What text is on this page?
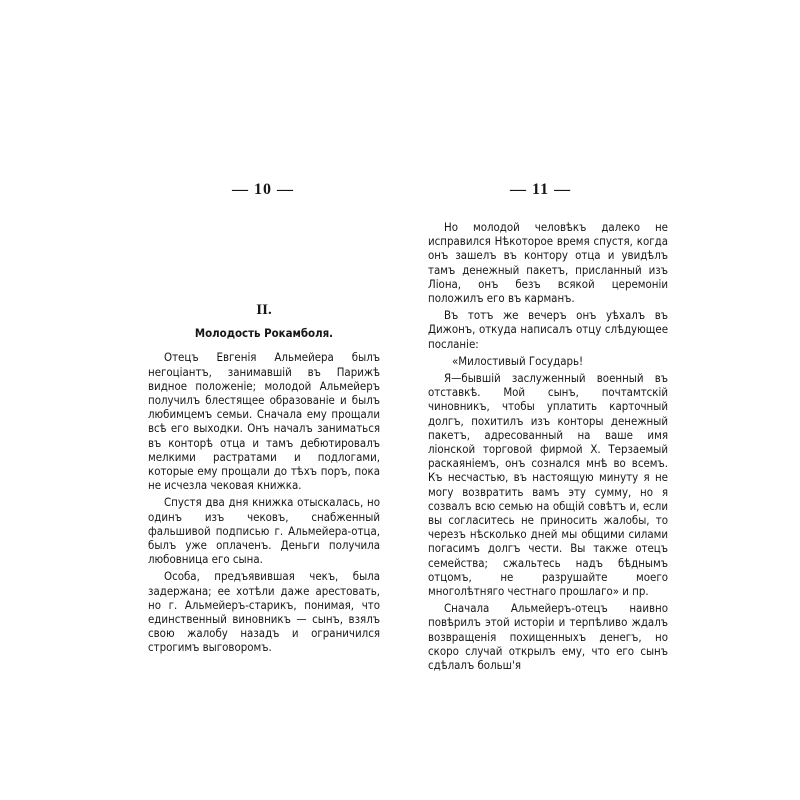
— 10 —	— 11 —
II.
Молодость Рокамболя.

Отецъ Евгенія Альмейера былъ негоціантъ, занимавшій въ Парижѣ видное положеніе; молодой Альмейеръ получилъ блестящее образованіе и былъ любимцемъ семьи. Сначала ему прощали всѣ его выходки. Онъ началъ заниматься въ конторѣ отца и тамъ дебютировалъ мелкими растратами и подлогами, которые ему прощали до тѣхъ поръ, пока не исчезла чековая книжка.

Спустя два дня книжка отыскалась, но одинъ изъ чековъ, снабженный фальшивой подписью г. Альмейера-отца, былъ уже оплаченъ. Деньги получила любовница его сына.

Особа, предъявившая чекъ, была задержана; ее хотѣли даже арестовать, но г. Альмейеръ-старикъ, понимая, что единственный виновникъ — сынъ, взялъ свою жалобу назадъ и ограничился строгимъ выговоромъ.

Но молодой человѣкъ далеко не исправился Нѣкоторое время спустя, когда онъ зашелъ въ контору отца и увидѣлъ тамъ денежный пакетъ, присланный изъ Ліона, онъ безъ всякой церемоніи положилъ его въ карманъ.

Въ тотъ же вечеръ онъ уѣхалъ въ Дижонъ, откуда написалъ отцу слѣдующее посланіе:

«Милостивый Государь!

Я—бывшій заслуженный военный въ отставкѣ. Мой сынъ, почтамтскій чиновникъ, чтобы уплатить карточный долгъ, похитилъ изъ конторы денежный пакетъ, адресованный на ваше имя ліонской торговой фирмой Х. Терзаемый раскаяніемъ, онъ сознался мнѣ во всемъ. Къ несчастью, въ настоящую минуту я не могу возвратить вамъ эту сумму, но я созвалъ всю семью на общій совѣтъ и, если вы согласитесь не приносить жалобы, то черезъ нѣсколько дней мы общими силами погасимъ долгъ чести. Вы также отецъ семейства; сжальтесь надъ бѣднымъ отцомъ, не разрушайте моего многолѣтняго честнаго прошлаго» и пр.

Сначала Альмейеръ-отецъ наивно повѣрилъ этой исторіи и терпѣливо ждалъ возвращенія похищенныхъ денегъ, но скоро случай открылъ ему, что его сынъ сдѣлалъ больш'я
